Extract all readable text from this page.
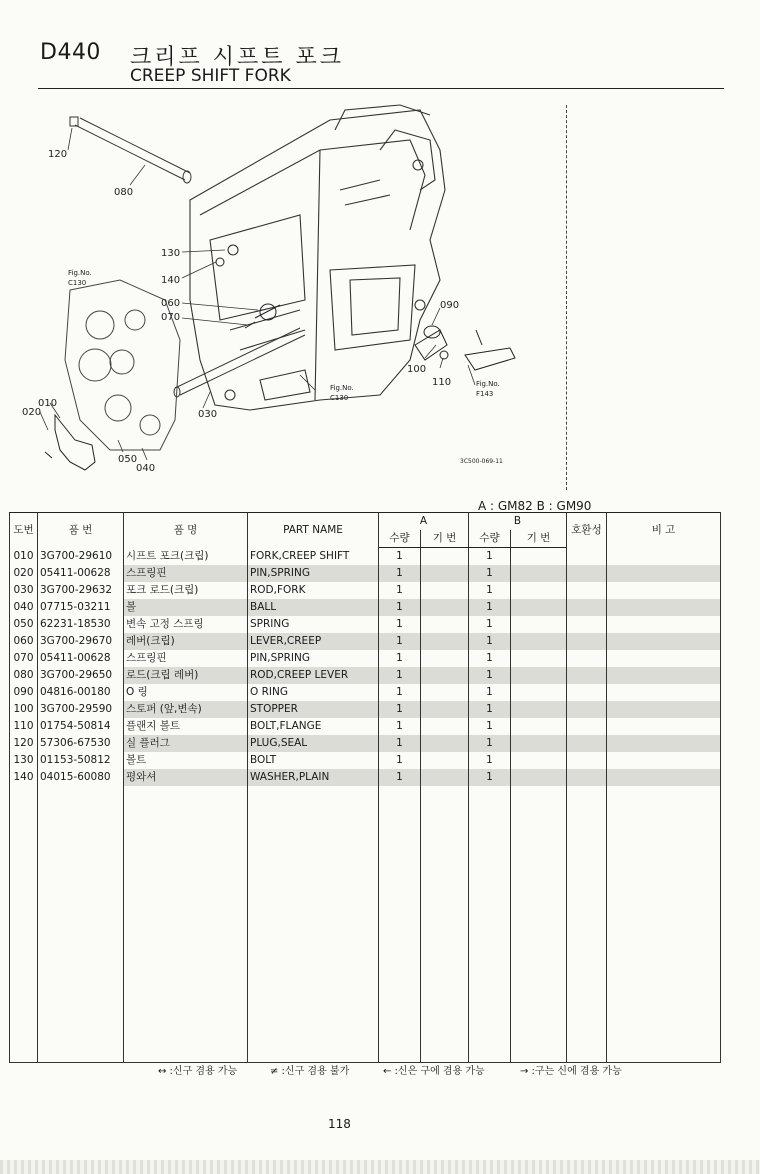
D440 크리프 시프트 포크
CREEP SHIFT FORK
120
080
130
140
060
070
090
100
110
010
020	030
050
040
Fig.No.
C130
Fig.No.
C130
Fig.No.
F143
3C500-069-11
A : GM82 B : GM90
도번	품 번	품 명	PART NAME	A		B		호환성	비 고
				수량	기 번	수량	기 번		
010	3G700-29610	시프트 포크(크립)	FORK,CREEP SHIFT	1		1			
020	05411-00628	스프링핀	PIN,SPRING	1		1			
030	3G700-29632	포크 로드(크립)	ROD,FORK	1		1			
040	07715-03211	볼	BALL	1		1			
050	62231-18530	변속 고정 스프링	SPRING	1		1			
060	3G700-29670	레버(크립)	LEVER,CREEP	1		1			
070	05411-00628	스프링핀	PIN,SPRING	1		1			
080	3G700-29650	로드(크립 레버)	ROD,CREEP LEVER	1		1			
090	04816-00180	O 링	O RING	1		1			
100	3G700-29590	스토퍼 (앞,변속)	STOPPER	1		1			
110	01754-50814	플랜지 볼트	BOLT,FLANGE	1		1			
120	57306-67530	실 플러그	PLUG,SEAL	1		1			
130	01153-50812	볼트	BOLT	1		1			
140	04015-60080	평와셔	WASHER,PLAIN	1		1			

↔ :신구 겸용 가능	≠ :신구 겸용 불가	← :신은 구에 겸용 가능	→ :구는 신에 겸용 가능
118
